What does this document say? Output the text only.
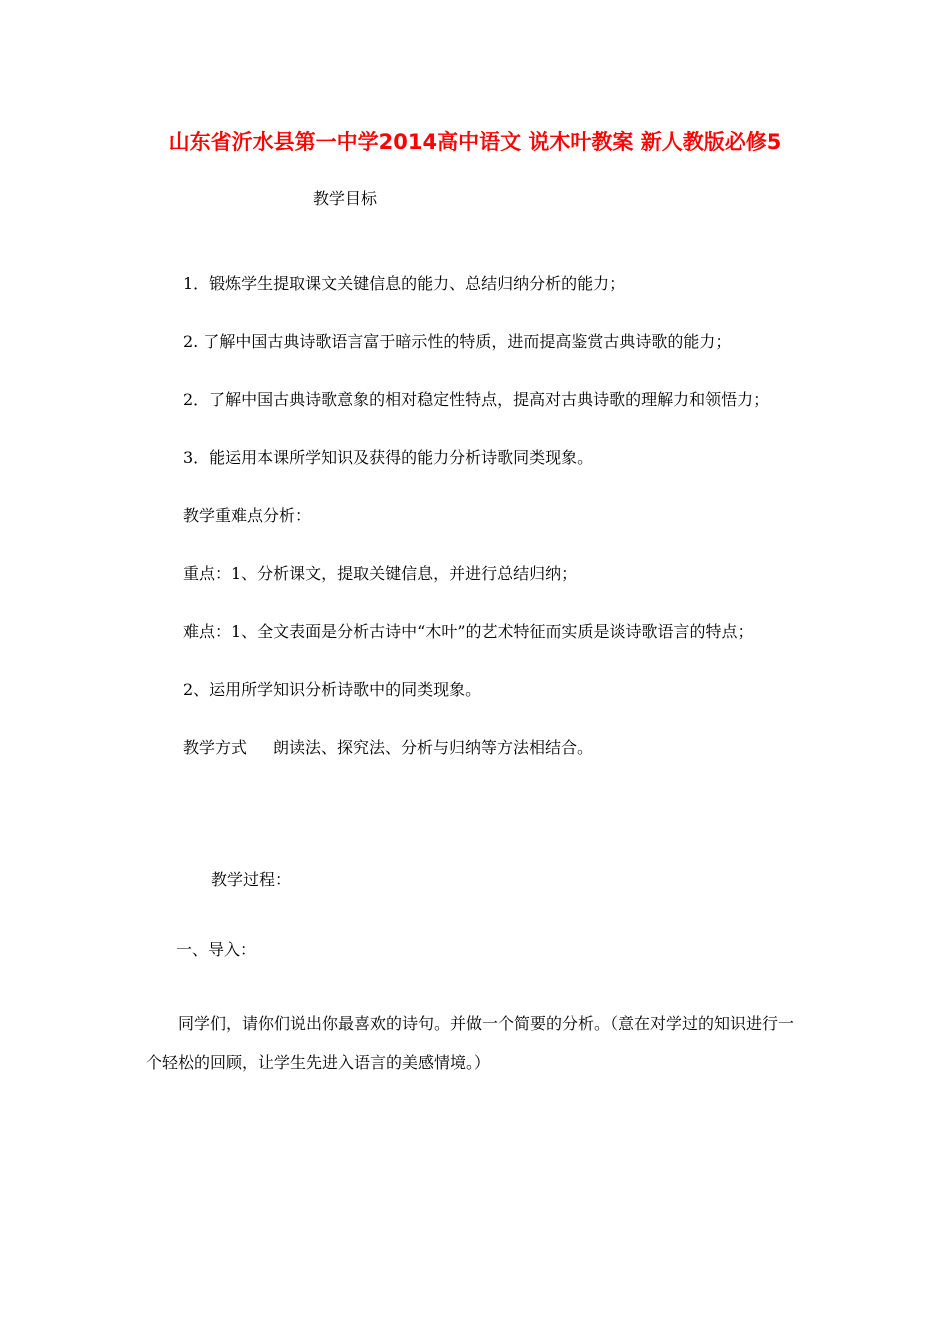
山东省沂水县第一中学2014高中语文 说木叶教案 新人教版必修5
教学目标
1．锻炼学生提取课文关键信息的能力、总结归纳分析的能力；
2. 了解中国古典诗歌语言富于暗示性的特质，进而提高鉴赏古典诗歌的能力；
2．了解中国古典诗歌意象的相对稳定性特点，提高对古典诗歌的理解力和领悟力；
3．能运用本课所学知识及获得的能力分析诗歌同类现象。
教学重难点分析：
重点：1、分析课文，提取关键信息，并进行总结归纳；
难点：1、全文表面是分析古诗中“木叶”的艺术特征而实质是谈诗歌语言的特点；
2、运用所学知识分析诗歌中的同类现象。
教学方式 朗读法、探究法、分析与归纳等方法相结合。
教学过程：
一、导入：
同学们，请你们说出你最喜欢的诗句。并做一个简要的分析。（意在对学过的知识进行一个轻松的回顾，让学生先进入语言的美感情境。）
